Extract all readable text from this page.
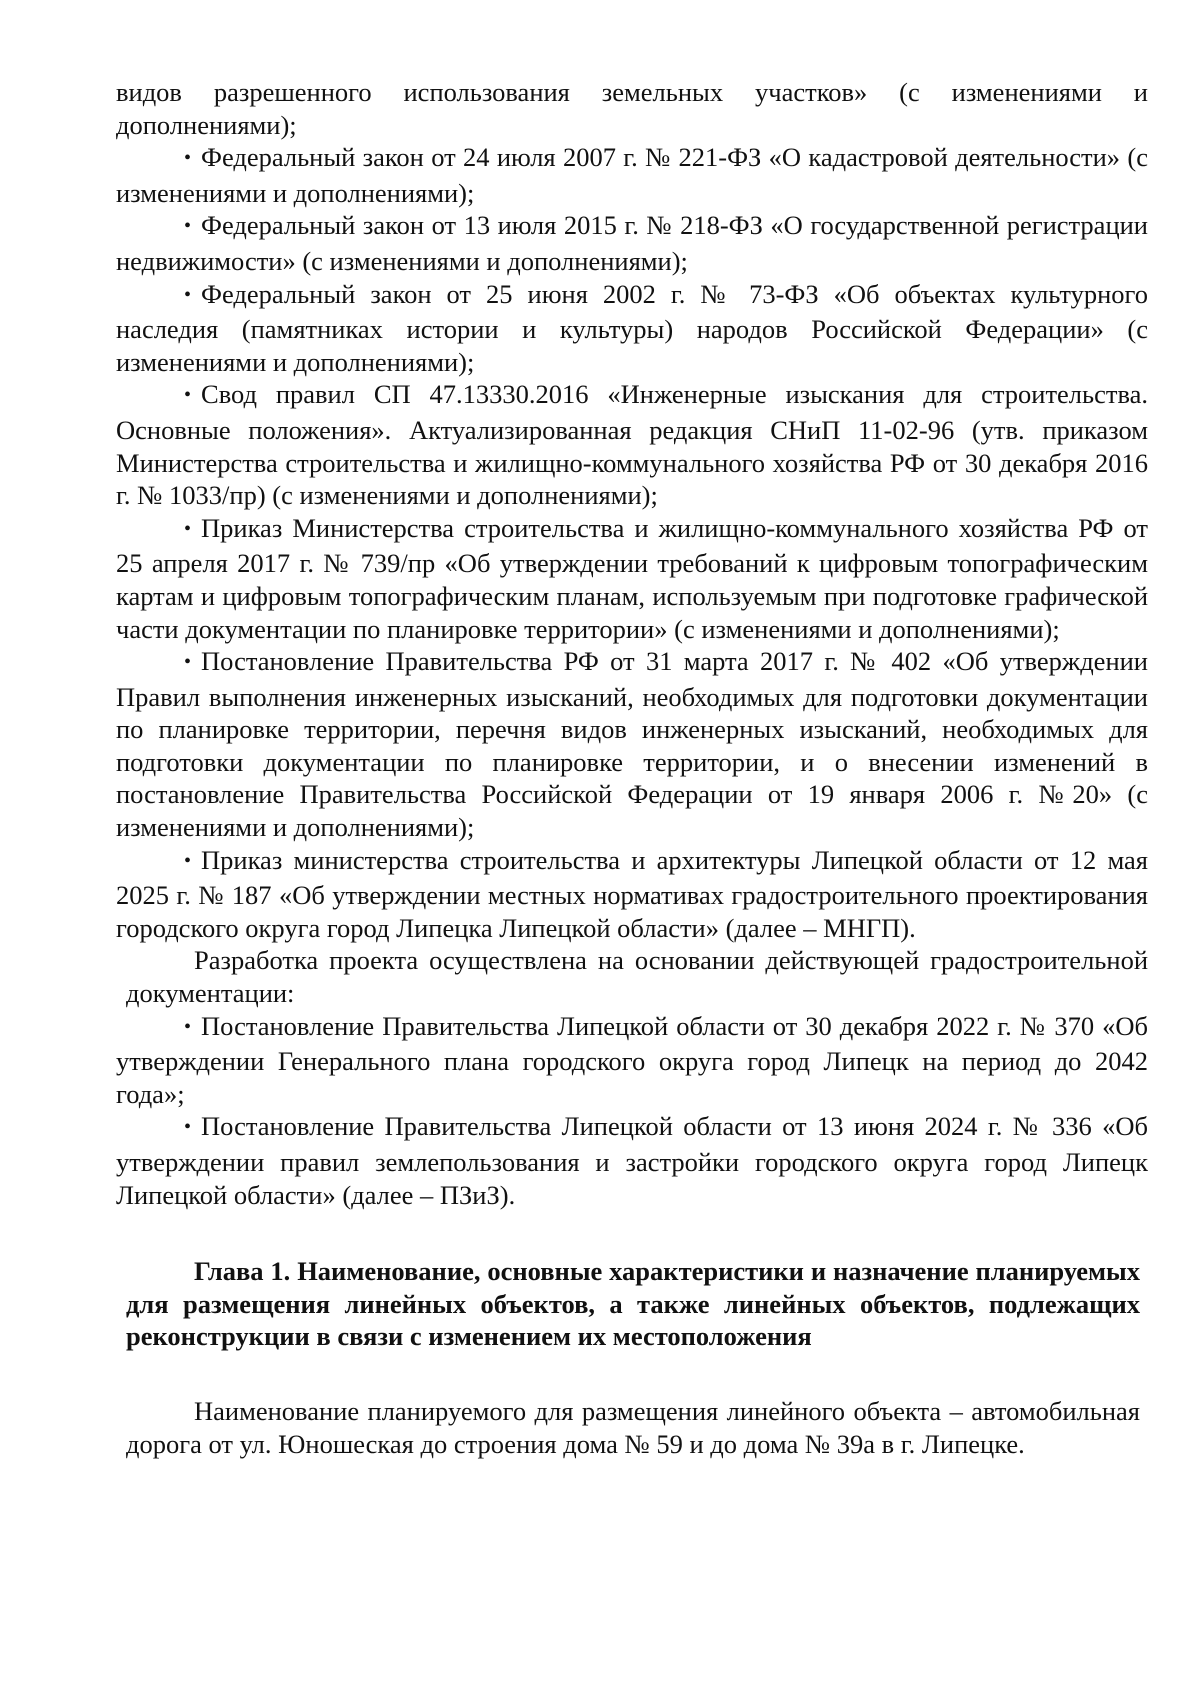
видов разрешенного использования земельных участков» (с изменениями и дополнениями);

• Федеральный закон от 24 июля 2007 г. № 221-ФЗ «О кадастровой деятельности» (с изменениями и дополнениями);

• Федеральный закон от 13 июля 2015 г. № 218-ФЗ «О государственной регистрации недвижимости» (с изменениями и дополнениями);

• Федеральный закон от 25 июня 2002 г. № 73-ФЗ «Об объектах культурного наследия (памятниках истории и культуры) народов Российской Федерации» (с изменениями и дополнениями);

• Свод правил СП 47.13330.2016 «Инженерные изыскания для строительства. Основные положения». Актуализированная редакция СНиП 11-02-96 (утв. приказом Министерства строительства и жилищно-коммунального хозяйства РФ от 30 декабря 2016 г. № 1033/пр) (с изменениями и дополнениями);

• Приказ Министерства строительства и жилищно-коммунального хозяйства РФ от 25 апреля 2017 г. № 739/пр «Об утверждении требований к цифровым топографическим картам и цифровым топографическим планам, используемым при подготовке графической части документации по планировке территории» (с изменениями и дополнениями);

• Постановление Правительства РФ от 31 марта 2017 г. № 402 «Об утверждении Правил выполнения инженерных изысканий, необходимых для подготовки документации по планировке территории, перечня видов инженерных изысканий, необходимых для подготовки документации по планировке территории, и о внесении изменений в постановление Правительства Российской Федерации от 19 января 2006 г. №20» (с изменениями и дополнениями);

• Приказ министерства строительства и архитектуры Липецкой области от 12 мая 2025 г. № 187 «Об утверждении местных нормативах градостроительного проектирования городского округа город Липецка Липецкой области» (далее – МНГП).

Разработка проекта осуществлена на основании действующей градостроительной документации:

• Постановление Правительства Липецкой области от 30 декабря 2022 г. № 370 «Об утверждении Генерального плана городского округа город Липецк на период до 2042 года»;

• Постановление Правительства Липецкой области от 13 июня 2024 г. № 336 «Об утверждении правил землепользования и застройки городского округа город Липецк Липецкой области» (далее – ПЗиЗ).

Глава 1. Наименование, основные характеристики и назначение планируемых для размещения линейных объектов, а также линейных объектов, подлежащих реконструкции в связи с изменением их местоположения

Наименование планируемого для размещения линейного объекта – автомобильная дорога от ул. Юношеская до строения дома № 59 и до дома № 39а в г. Липецке.
